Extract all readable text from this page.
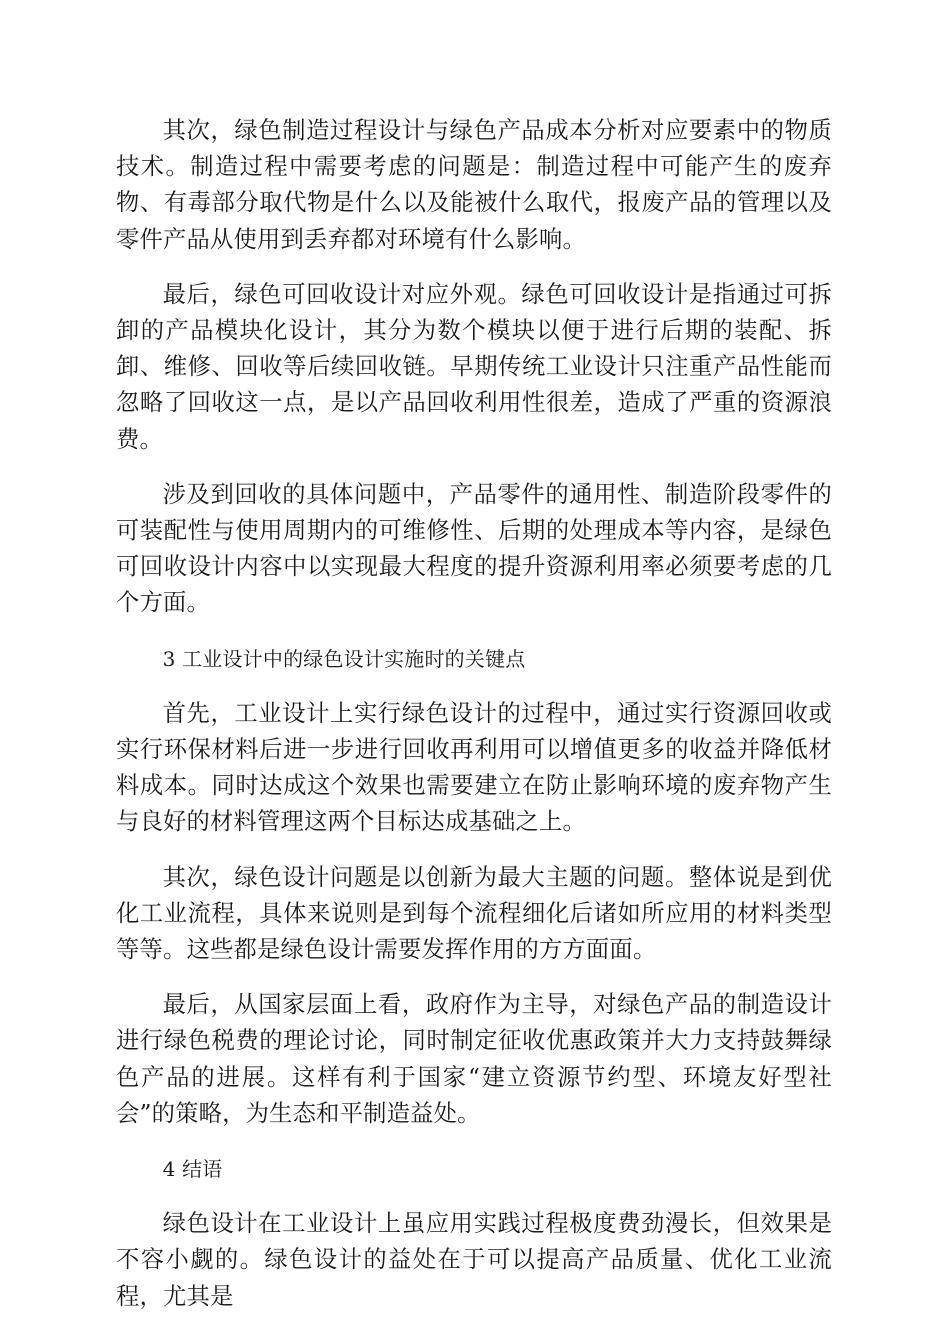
其次，绿色制造过程设计与绿色产品成本分析对应要素中的物质技术。制造过程中需要考虑的问题是：制造过程中可能产生的废弃物、有毒部分取代物是什么以及能被什么取代，报废产品的管理以及零件产品从使用到丢弃都对环境有什么影响。

最后，绿色可回收设计对应外观。绿色可回收设计是指通过可拆卸的产品模块化设计，其分为数个模块以便于进行后期的装配、拆卸、维修、回收等后续回收链。早期传统工业设计只注重产品性能而忽略了回收这一点，是以产品回收利用性很差，造成了严重的资源浪费。

涉及到回收的具体问题中，产品零件的通用性、制造阶段零件的可装配性与使用周期内的可维修性、后期的处理成本等内容，是绿色可回收设计内容中以实现最大程度的提升资源利用率必须要考虑的几个方面。

3 工业设计中的绿色设计实施时的关键点

首先，工业设计上实行绿色设计的过程中，通过实行资源回收或实行环保材料后进一步进行回收再利用可以增值更多的收益并降低材料成本。同时达成这个效果也需要建立在防止影响环境的废弃物产生与良好的材料管理这两个目标达成基础之上。

其次，绿色设计问题是以创新为最大主题的问题。整体说是到优化工业流程，具体来说则是到每个流程细化后诸如所应用的材料类型等等。这些都是绿色设计需要发挥作用的方方面面。

最后，从国家层面上看，政府作为主导，对绿色产品的制造设计进行绿色税费的理论讨论，同时制定征收优惠政策并大力支持鼓舞绿色产品的进展。这样有利于国家“建立资源节约型、环境友好型社会”的策略，为生态和平制造益处。

4 结语

绿色设计在工业设计上虽应用实践过程极度费劲漫长，但效果是不容小觑的。绿色设计的益处在于可以提高产品质量、优化工业流程，尤其是
